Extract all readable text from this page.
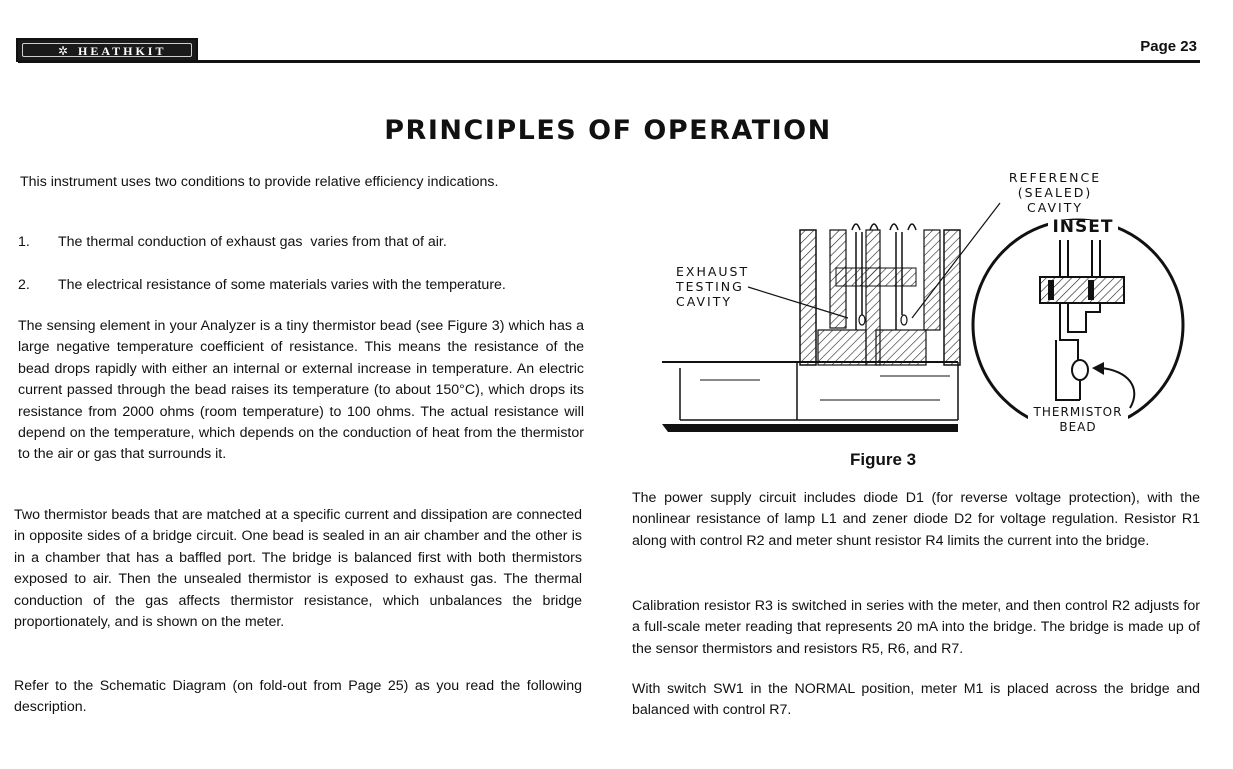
✲ HEATHKIT	Page 23
PRINCIPLES OF OPERATION
This instrument uses two conditions to provide relative efficiency indications.
1. The thermal conduction of exhaust gas  varies from that of air.
2. The electrical resistance of some materials varies with the temperature.
The sensing element in your Analyzer is a tiny thermistor bead (see Figure 3) which has a large negative temperature coefficient of resistance. This means the resistance of the bead drops rapidly with either an internal or external increase in temperature. An electric current passed through the bead raises its temperature (to about 150°C), which drops its resistance from 2000 ohms (room temperature) to 100 ohms. The actual resistance will depend on the temperature, which depends on the conduction of heat from the thermistor to the air or gas that surrounds it.
Two thermistor beads that are matched at a specific current and dissipation are connected in opposite sides of a bridge circuit. One bead is sealed in an air chamber and the other is in a chamber that has a baffled port. The bridge is balanced first with both thermistors exposed to air. Then the unsealed thermistor is exposed to exhaust gas. The thermal conduction of the gas affects thermistor resistance, which unbalances the bridge proportionately, and is shown on the meter.
Refer to the Schematic Diagram (on fold-out from Page 25) as you read the following description.
REFERENCE (SEALED) CAVITY
EXHAUST TESTING CAVITY
INSET
THERMISTOR BEAD
Figure 3
The power supply circuit includes diode D1 (for reverse voltage protection), with the nonlinear resistance of lamp L1 and zener diode D2 for voltage regulation. Resistor R1 along with control R2 and meter shunt resistor R4 limits the current into the bridge.
Calibration resistor R3 is switched in series with the meter, and then control R2 adjusts for a full-scale meter reading that represents 20 mA into the bridge. The bridge is made up of the sensor thermistors and resistors R5, R6, and R7.
With switch SW1 in the NORMAL position, meter M1 is placed across the bridge and balanced with control R7.
